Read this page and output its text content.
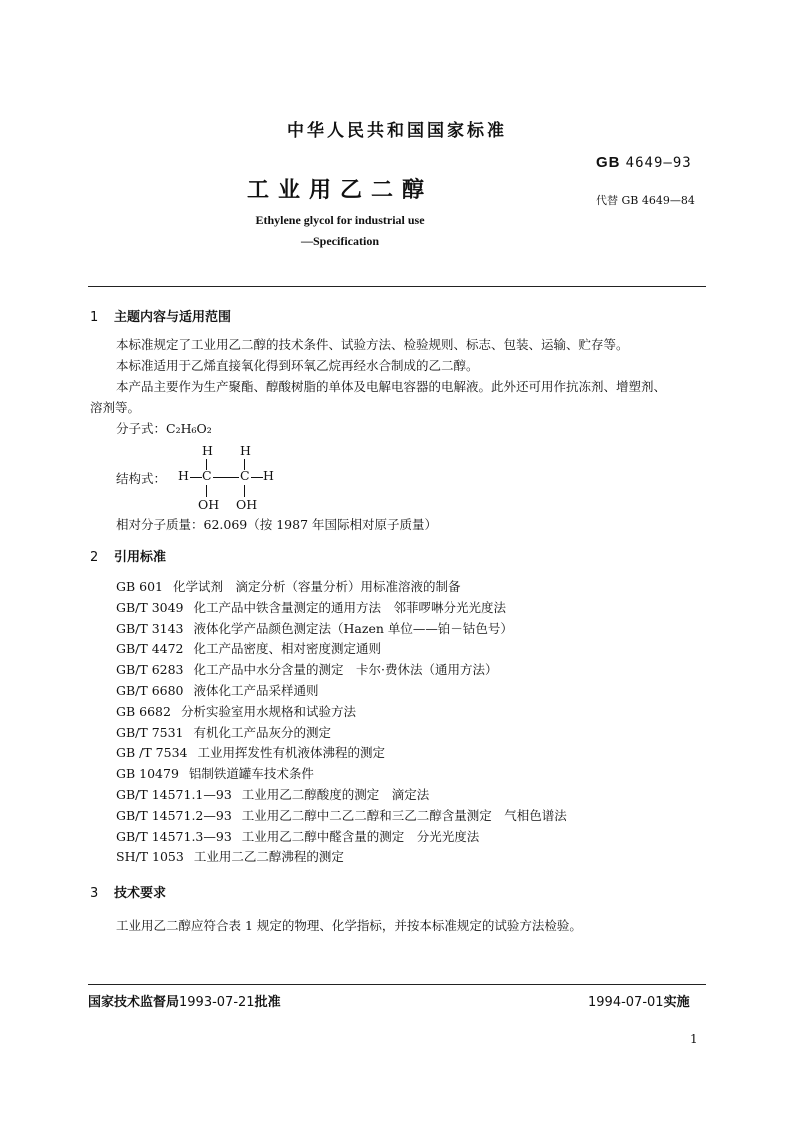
中华人民共和国国家标准
GB 4649—93
工业用乙二醇	代替 GB 4649—84
Ethylene glycol for industrial use
—Specification
1 主题内容与适用范围
本标准规定了工业用乙二醇的技术条件、试验方法、检验规则、标志、包装、运输、贮存等。
本标准适用于乙烯直接氧化得到环氧乙烷再经水合制成的乙二醇。
本产品主要作为生产聚酯、醇酸树脂的单体及电解电容器的电解液。此外还可用作抗冻剂、增塑剂、
溶剂等。
分子式：C₂H₆O₂
结构式：
H H
H C C H
OH OH
相对分子质量：62.069（按 1987 年国际相对原子质量）
2 引用标准
GB 601 化学试剂　滴定分析（容量分析）用标准溶液的制备
GB/T 3049 化工产品中铁含量测定的通用方法　邻菲啰啉分光光度法
GB/T 3143 液体化学产品颜色测定法（Hazen 单位——铂－钴色号）
GB/T 4472 化工产品密度、相对密度测定通则
GB/T 6283 化工产品中水分含量的测定　卡尔·费休法（通用方法）
GB/T 6680 液体化工产品采样通则
GB 6682 分析实验室用水规格和试验方法
GB/T 7531 有机化工产品灰分的测定
GB /T 7534 工业用挥发性有机液体沸程的测定
GB 10479 铝制铁道罐车技术条件
GB/T 14571.1—93 工业用乙二醇酸度的测定　滴定法
GB/T 14571.2—93 工业用乙二醇中二乙二醇和三乙二醇含量测定　气相色谱法
GB/T 14571.3—93 工业用乙二醇中醛含量的测定　分光光度法
SH/T 1053 工业用二乙二醇沸程的测定
3 技术要求
工业用乙二醇应符合表 1 规定的物理、化学指标，并按本标准规定的试验方法检验。
国家技术监督局1993-07-21批准	1994-07-01实施
1
